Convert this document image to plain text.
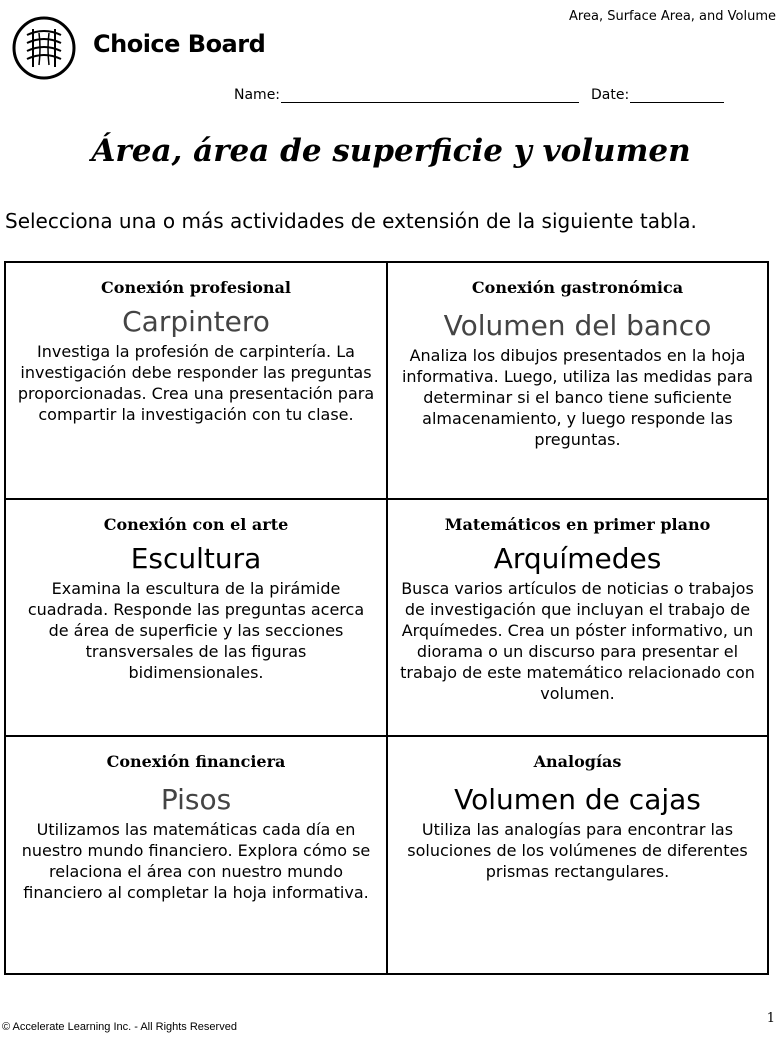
Area, Surface Area, and Volume
Choice Board
Name:	Date:
Área, área de superficie y volumen
Selecciona una o más actividades de extensión de la siguiente tabla.
Conexión profesional
Carpintero
Investiga la profesión de carpintería. La investigación debe responder las preguntas proporcionadas. Crea una presentación para compartir la investigación con tu clase.
Conexión gastronómica
Volumen del banco
Analiza los dibujos presentados en la hoja informativa. Luego, utiliza las medidas para determinar si el banco tiene suficiente almacenamiento, y luego responde las preguntas.
Conexión con el arte
Escultura
Examina la escultura de la pirámide cuadrada. Responde las preguntas acerca de área de superficie y las secciones transversales de las figuras bidimensionales.
Matemáticos en primer plano
Arquímedes
Busca varios artículos de noticias o trabajos de investigación que incluyan el trabajo de Arquímedes. Crea un póster informativo, un diorama o un discurso para presentar el trabajo de este matemático relacionado con volumen.
Conexión financiera
Pisos
Utilizamos las matemáticas cada día en nuestro mundo financiero. Explora cómo se relaciona el área con nuestro mundo financiero al completar la hoja informativa.
Analogías
Volumen de cajas
Utiliza las analogías para encontrar las soluciones de los volúmenes de diferentes prismas rectangulares.
© Accelerate Learning Inc. - All Rights Reserved
1
